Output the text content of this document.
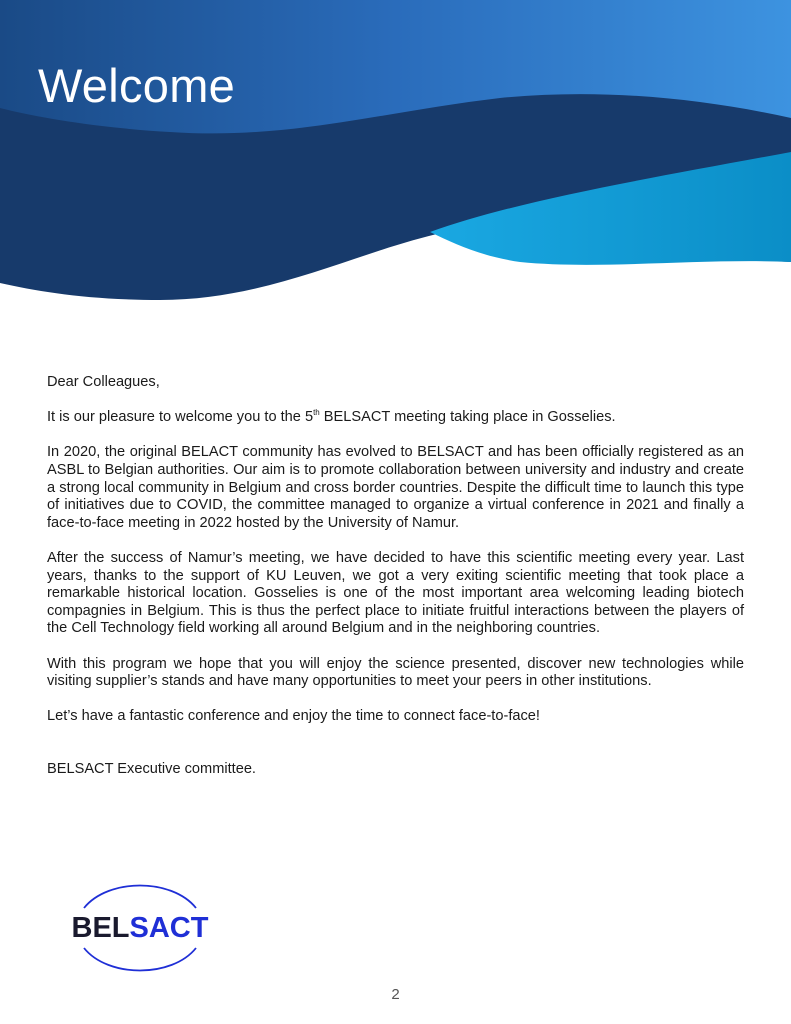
Welcome

Dear Colleagues,

It is our pleasure to welcome you to the 5th BELSACT meeting taking place in Gosselies.

In 2020, the original BELACT community has evolved to BELSACT and has been officially registered as an ASBL to Belgian authorities. Our aim is to promote collaboration between university and industry and create a strong local community in Belgium and cross border countries. Despite the difficult time to launch this type of initiatives due to COVID, the committee managed to organize a virtual conference in 2021 and finally a face-to-face meeting in 2022 hosted by the University of Namur.

After the success of Namur’s meeting, we have decided to have this scientific meeting every year. Last years, thanks to the support of KU Leuven, we got a very exiting scientific meeting that took place a remarkable historical location. Gosselies is one of the most important area welcoming leading biotech compagnies in Belgium. This is thus the perfect place to initiate fruitful interactions between the players of the Cell Technology field working all around Belgium and in the neighboring countries.

With this program we hope that you will enjoy the science presented, discover new technologies while visiting supplier’s stands and have many opportunities to meet your peers in other institutions.

Let’s have a fantastic conference and enjoy the time to connect face-to-face!

BELSACT Executive committee.

BELSACT
2
